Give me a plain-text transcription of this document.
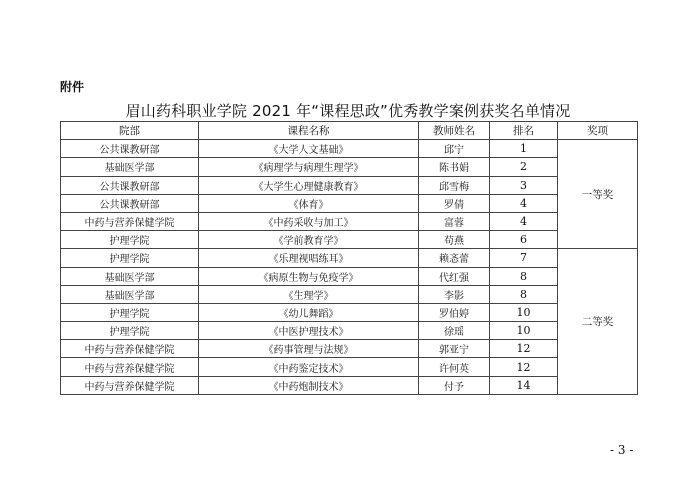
附件
眉山药科职业学院 2021 年“课程思政”优秀教学案例获奖名单情况
院部	课程名称	教师姓名	排名	奖项
公共课教研部	《大学人文基础》	邱宁	1	一等奖
基础医学部	《病理学与病理生理学》	陈书娟	2	
公共课教研部	《大学生心理健康教育》	邱雪梅	3	
公共课教研部	《体育》	罗倩	4	
中药与营养保健学院	《中药采收与加工》	富蓉	4	
护理学院	《学前教育学》	苟燕	6	
护理学院	《乐理视唱练耳》	赖忞蕾	7	二等奖
基础医学部	《病原生物与免疫学》	代红强	8	
基础医学部	《生理学》	李影	8	
护理学院	《幼儿舞蹈》	罗伯婷	10	
护理学院	《中医护理技术》	徐瑶	10	
中药与营养保健学院	《药事管理与法规》	郭亚宁	12	
中药与营养保健学院	《中药鉴定技术》	许何英	12	
中药与营养保健学院	《中药炮制技术》	付予	14	
- 3 -
